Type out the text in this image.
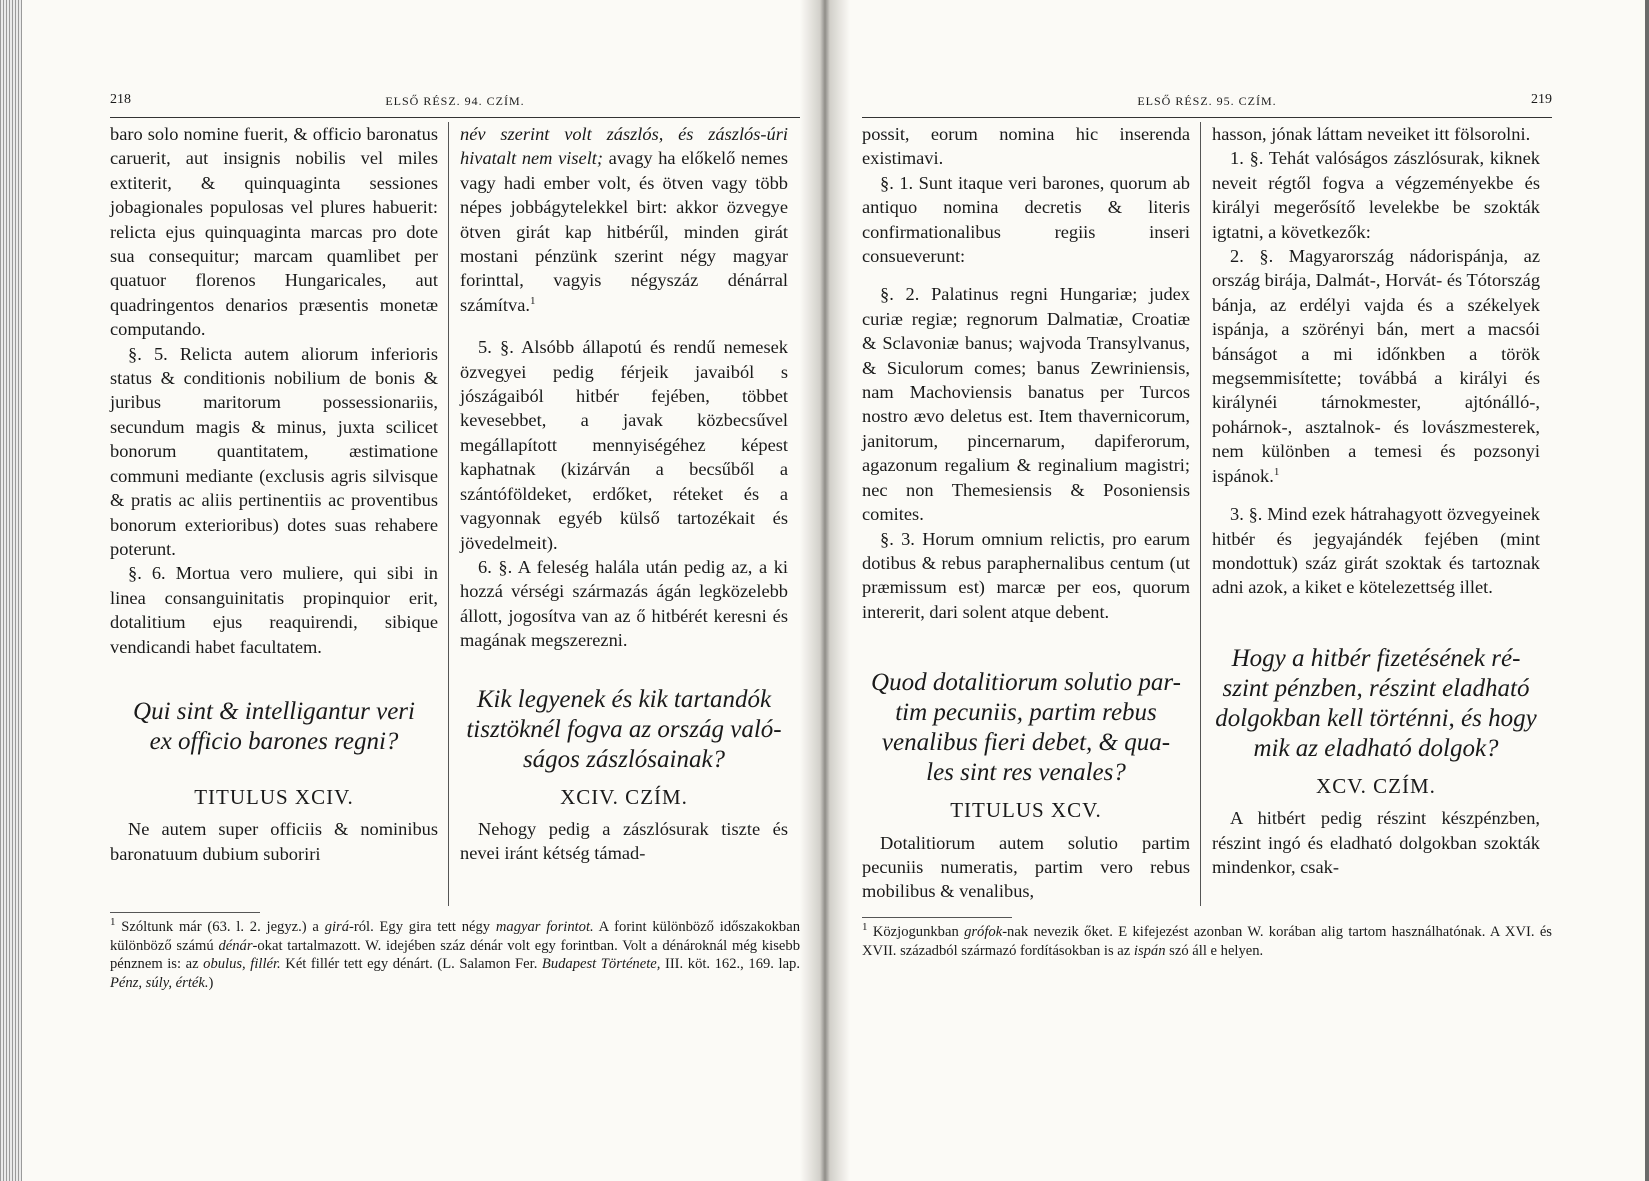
218	ELSŐ RÉSZ. 94. CZÍM.

baro solo nomine fuerit, & officio baronatus caruerit, aut insignis nobilis vel miles extiterit, & quinquaginta sessiones jobagionales populosas vel plures habuerit: relicta ejus quinquaginta marcas pro dote sua consequitur; marcam quamlibet per quatuor florenos Hungaricales, aut quadringentos denarios præsentis monetæ computando.

§. 5. Relicta autem aliorum inferioris status & conditionis nobilium de bonis & juribus maritorum possessionariis, secundum magis & minus, juxta scilicet bonorum quantitatem, æstimatione communi mediante (exclusis agris silvisque & pratis ac aliis pertinentiis ac proventibus bonorum exterioribus) dotes suas rehabere poterunt.

§. 6. Mortua vero muliere, qui sibi in linea consanguinitatis propinquior erit, dotalitium ejus reaquirendi, sibique vendicandi habet facultatem.

Qui sint & intelligantur veri
ex officio barones regni?

TITULUS XCIV.

Ne autem super officiis & nominibus baronatuum dubium suboriri

név szerint volt zászlós, és zászlós-úri hivatalt nem viselt; avagy ha előkelő nemes vagy hadi ember volt, és ötven vagy több népes jobbágytelekkel birt: akkor özvegye ötven girát kap hitbérűl, minden girát mostani pénzünk szerint négy magyar forinttal, vagyis négyszáz dénárral számítva.$^1$

5. §. Alsóbb állapotú és rendű nemesek özvegyei pedig férjeik javaiból s jószágaiból hitbér fejében, többet kevesebbet, a javak közbecsűvel megállapított mennyiségéhez képest kaphatnak (kizárván a becsűből a szántóföldeket, erdőket, réteket és a vagyonnak egyéb külső tartozékait és jövedelmeit).

6. §. A feleség halála után pedig az, a ki hozzá vérségi származás ágán legközelebb állott, jogosítva van az ő hitbérét keresni és magának megszerezni.

Kik legyenek és kik tartandók
tisztöknél fogva az ország való-
ságos zászlósainak?

XCIV. CZÍM.

Nehogy pedig a zászlósurak tiszte és nevei iránt kétség támad-

$^1$ Szóltunk már (63. l. 2. jegyz.) a girá-ról. Egy gira tett négy magyar forintot. A forint különböző időszakokban különböző számú dénár-okat tartalmazott. W. idejében száz dénár volt egy forintban. Volt a dénároknál még kisebb pénznem is: az obulus, fillér. Két fillér tett egy dénárt. (L. Salamon Fer. Budapest Története, III. köt. 162., 169. lap. Pénz, súly, érték.)
ELSŐ RÉSZ. 95. CZÍM.	219

possit, eorum nomina hic inserenda existimavi.

§. 1. Sunt itaque veri barones, quorum ab antiquo nomina decretis & literis confirmationalibus regiis inseri consueverunt:

§. 2. Palatinus regni Hungariæ; judex curiæ regiæ; regnorum Dalmatiæ, Croatiæ & Sclavoniæ banus; wajvoda Transylvanus, & Siculorum comes; banus Zewriniensis, nam Machoviensis banatus per Turcos nostro ævo deletus est. Item thavernicorum, janitorum, pincernarum, dapiferorum, agazonum regalium & reginalium magistri; nec non Themesiensis & Posoniensis comites.

§. 3. Horum omnium relictis, pro earum dotibus & rebus paraphernalibus centum (ut præmissum est) marcæ per eos, quorum intererit, dari solent atque debent.

Quod dotalitiorum solutio par-
tim pecuniis, partim rebus
venalibus fieri debet, & qua-
les sint res venales?

TITULUS XCV.

Dotalitiorum autem solutio partim pecuniis numeratis, partim vero rebus mobilibus & venalibus,

hasson, jónak láttam neveiket itt fölsorolni.

1. §. Tehát valóságos zászlósurak, kiknek neveit régtől fogva a végzeményekbe és királyi megerősítő levelekbe be szokták igtatni, a következők:

2. §. Magyarország nádorispánja, az ország birája, Dalmát-, Horvát- és Tótország bánja, az erdélyi vajda és a székelyek ispánja, a szörényi bán, mert a macsói bánságot a mi időnkben a török megsemmisítette; továbbá a királyi és királynéi tárnokmester, ajtónálló-, pohárnok-, asztalnok- és lovászmesterek, nem különben a temesi és pozsonyi ispánok.$^1$

3. §. Mind ezek hátrahagyott özvegyeinek hitbér és jegyajándék fejében (mint mondottuk) száz girát szoktak és tartoznak adni azok, a kiket e kötelezettség illet.

Hogy a hitbér fizetésének ré-
szint pénzben, részint eladható
dolgokban kell történni, és hogy
mik az eladható dolgok?

XCV. CZÍM.

A hitbért pedig részint készpénzben, részint ingó és eladható dolgokban szokták mindenkor, csak-

$^1$ Közjogunkban grófok-nak nevezik őket. E kifejezést azonban W. korában alig tartom használhatónak. A XVI. és XVII. századból származó fordításokban is az ispán szó áll e helyen.
